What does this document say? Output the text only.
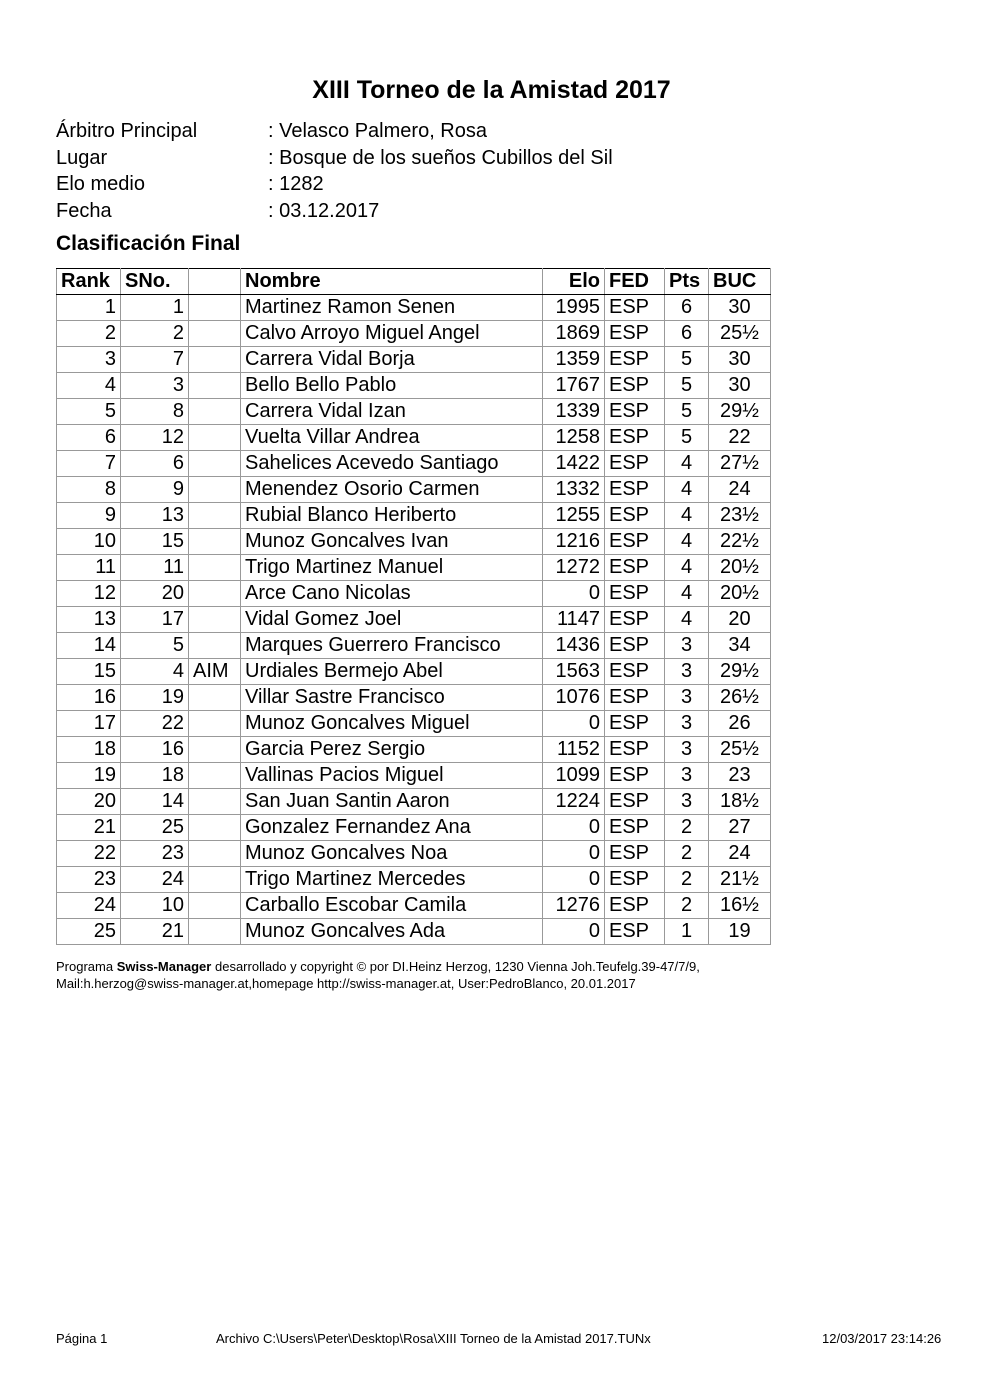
XIII Torneo de la Amistad 2017
Árbitro Principal	: Velasco Palmero, Rosa
Lugar	: Bosque de los sueños Cubillos del Sil
Elo medio	: 1282
Fecha	: 03.12.2017
Clasificación Final
Rank	SNo.		Nombre	Elo	FED	Pts	BUC
1	1		Martinez Ramon Senen	1995	ESP	6	30
2	2		Calvo Arroyo Miguel Angel	1869	ESP	6	25½
3	7		Carrera Vidal Borja	1359	ESP	5	30
4	3		Bello Bello Pablo	1767	ESP	5	30
5	8		Carrera Vidal Izan	1339	ESP	5	29½
6	12		Vuelta Villar Andrea	1258	ESP	5	22
7	6		Sahelices Acevedo Santiago	1422	ESP	4	27½
8	9		Menendez Osorio Carmen	1332	ESP	4	24
9	13		Rubial Blanco Heriberto	1255	ESP	4	23½
10	15		Munoz Goncalves Ivan	1216	ESP	4	22½
11	11		Trigo Martinez Manuel	1272	ESP	4	20½
12	20		Arce Cano Nicolas	0	ESP	4	20½
13	17		Vidal Gomez Joel	1147	ESP	4	20
14	5		Marques Guerrero Francisco	1436	ESP	3	34
15	4	AIM	Urdiales Bermejo Abel	1563	ESP	3	29½
16	19		Villar Sastre Francisco	1076	ESP	3	26½
17	22		Munoz Goncalves Miguel	0	ESP	3	26
18	16		Garcia Perez Sergio	1152	ESP	3	25½
19	18		Vallinas Pacios Miguel	1099	ESP	3	23
20	14		San Juan Santin Aaron	1224	ESP	3	18½
21	25		Gonzalez Fernandez Ana	0	ESP	2	27
22	23		Munoz Goncalves Noa	0	ESP	2	24
23	24		Trigo Martinez Mercedes	0	ESP	2	21½
24	10		Carballo Escobar Camila	1276	ESP	2	16½
25	21		Munoz Goncalves Ada	0	ESP	1	19
Programa Swiss-Manager desarrollado y copyright © por DI.Heinz Herzog, 1230 Vienna Joh.Teufelg.39-47/7/9,
Mail:h.herzog@swiss-manager.at,homepage http://swiss-manager.at, User:PedroBlanco, 20.01.2017
Página 1	Archivo C:\Users\Peter\Desktop\Rosa\XIII Torneo de la Amistad 2017.TUNx	12/03/2017 23:14:26
